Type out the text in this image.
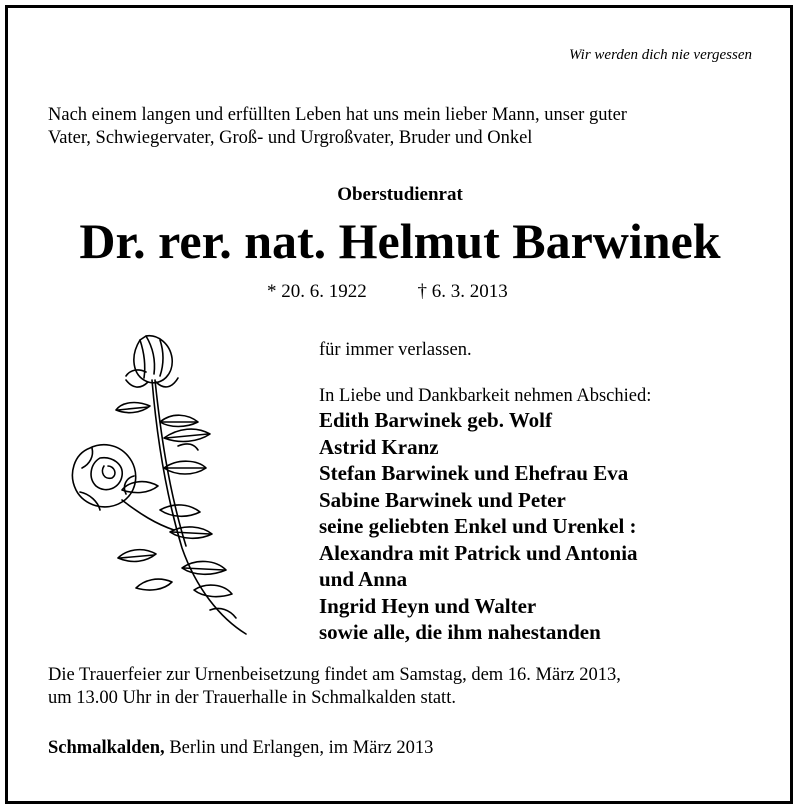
Wir werden dich nie vergessen
Nach einem langen und erfüllten Leben hat uns mein lieber Mann, unser guter
Vater, Schwiegervater, Groß- und Urgroßvater, Bruder und Onkel
Oberstudienrat
Dr. rer. nat. Helmut Barwinek
* 20. 6. 1922	† 6. 3. 2013
für immer verlassen.
In Liebe und Dankbarkeit nehmen Abschied:
Edith Barwinek geb. Wolf
Astrid Kranz
Stefan Barwinek und Ehefrau Eva
Sabine Barwinek und Peter
seine geliebten Enkel und Urenkel :
Alexandra mit Patrick und Antonia
und Anna
Ingrid Heyn und Walter
sowie alle, die ihm nahestanden
Die Trauerfeier zur Urnenbeisetzung findet am Samstag, dem 16. März 2013,
um 13.00 Uhr in der Trauerhalle in Schmalkalden statt.
Schmalkalden, Berlin und Erlangen, im März 2013
